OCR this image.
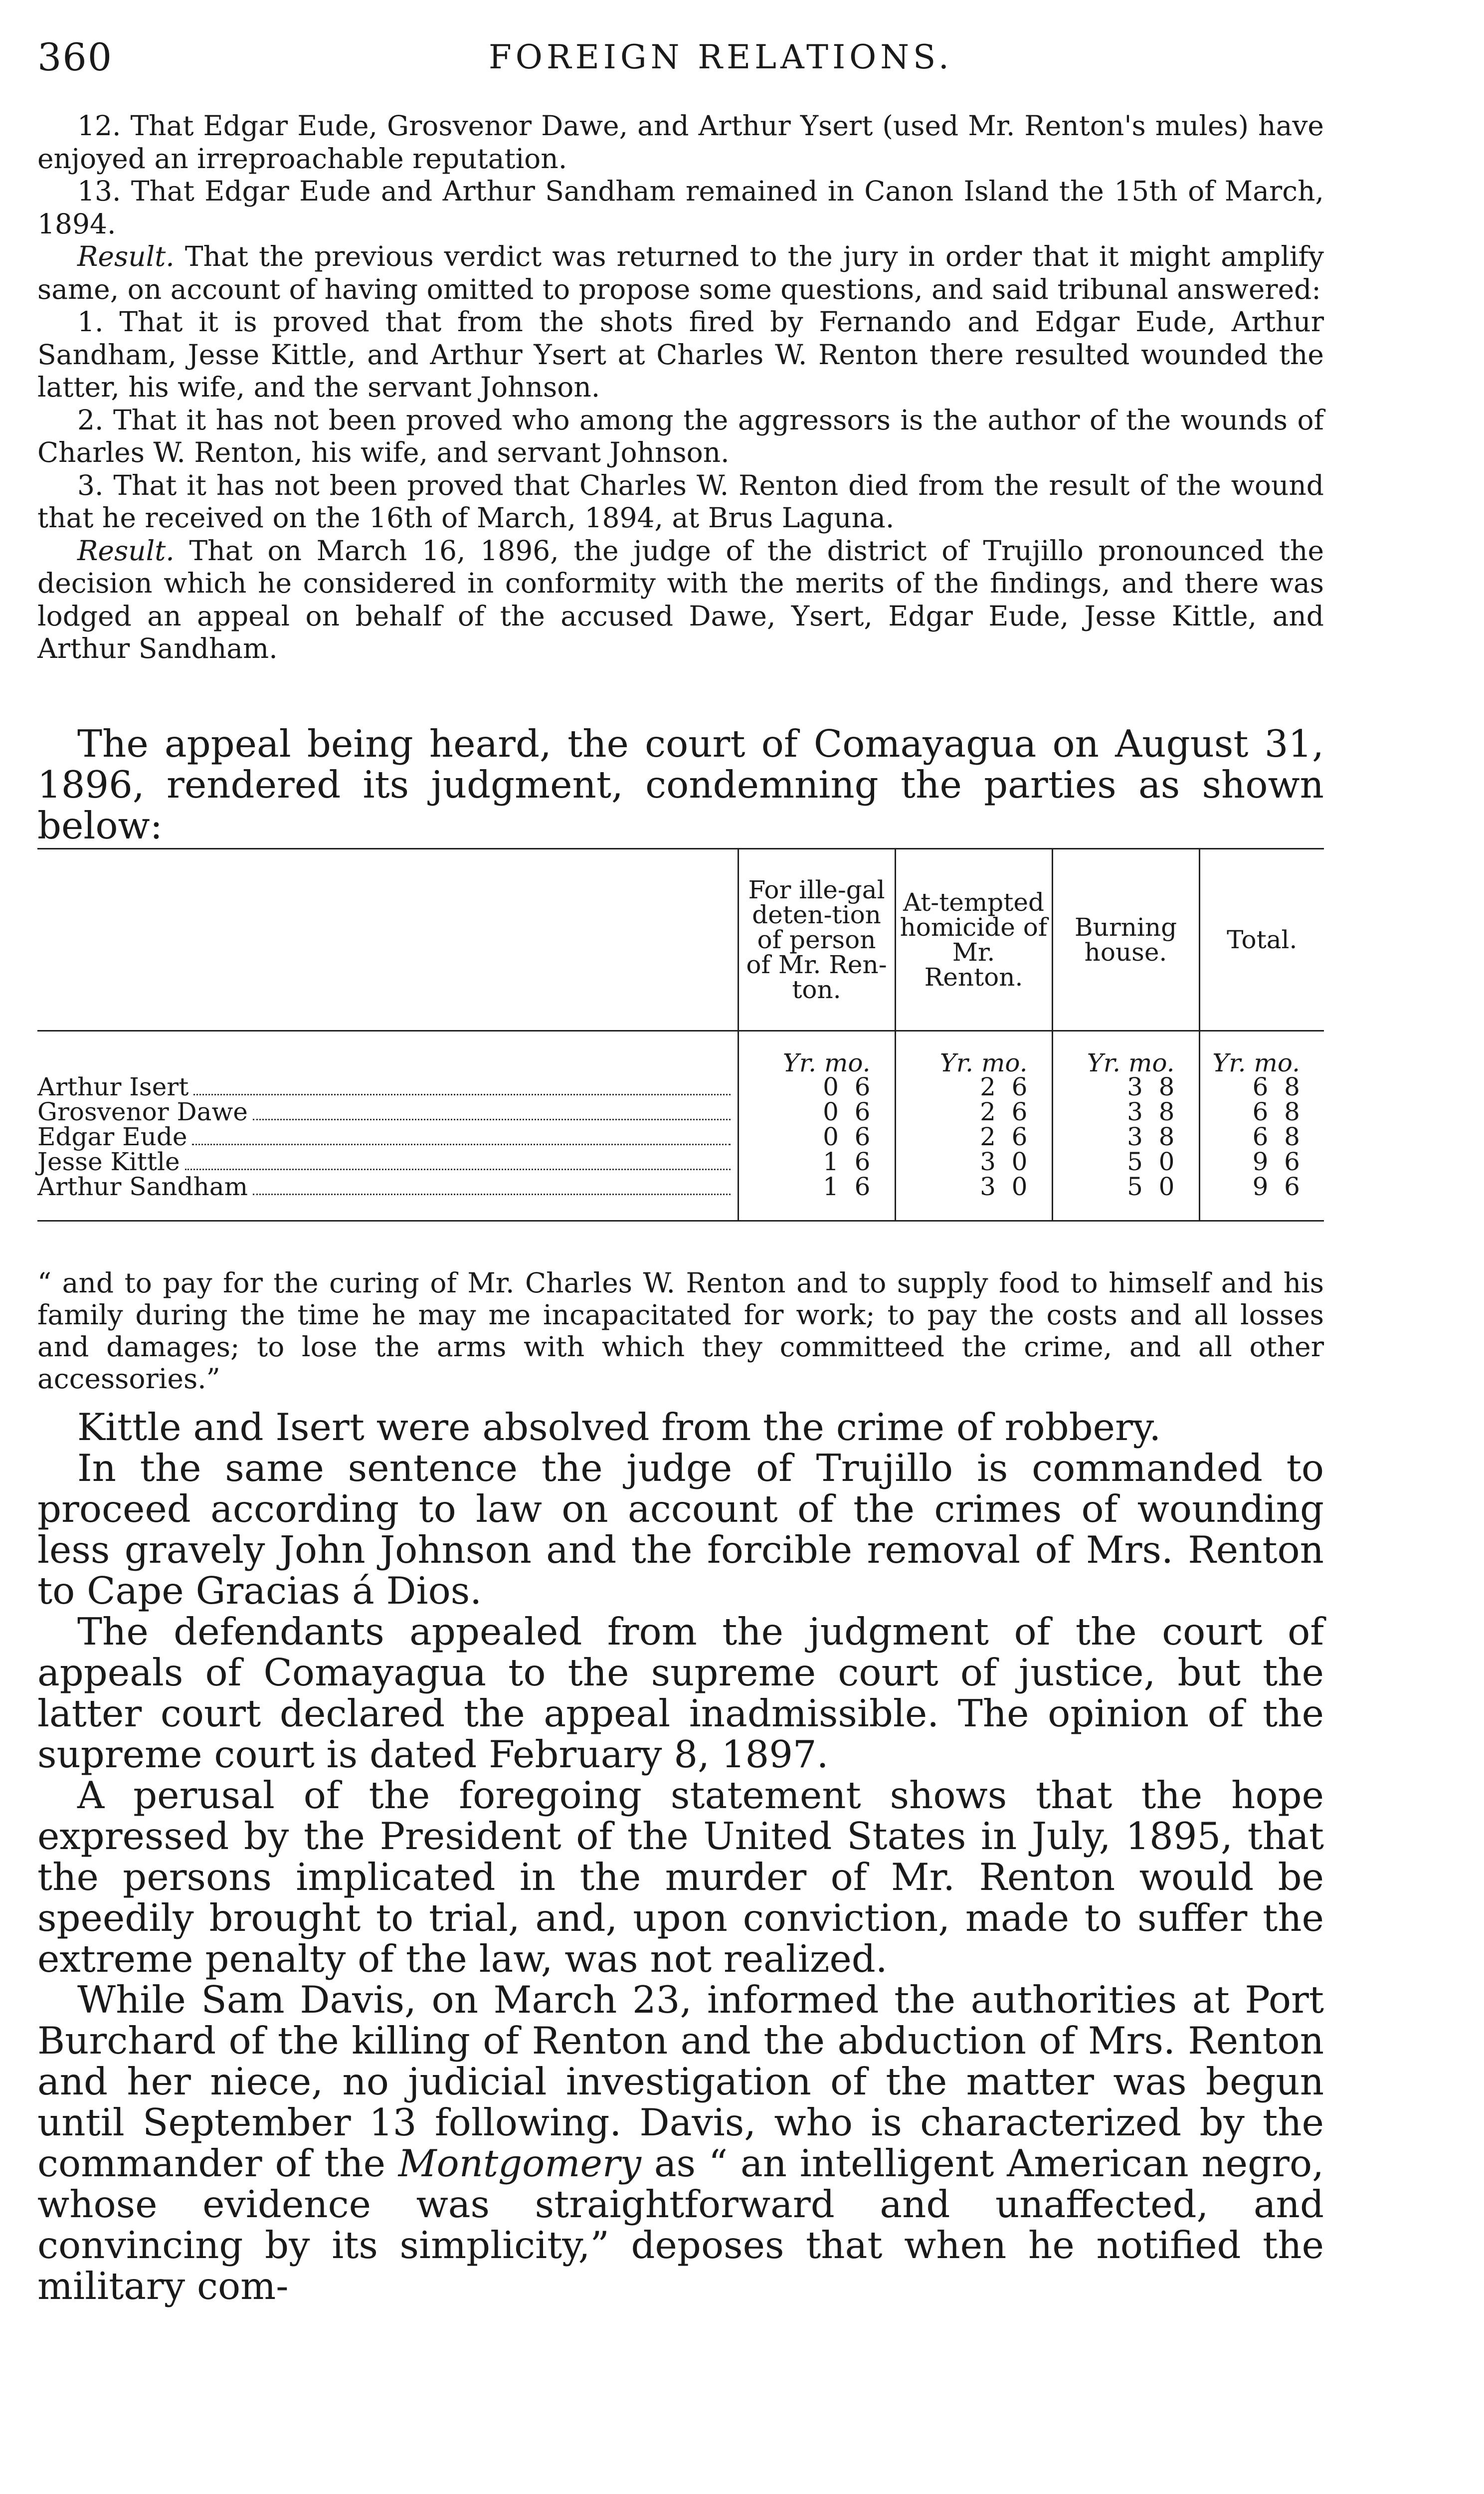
360	FOREIGN RELATIONS.

12. That Edgar Eude, Grosvenor Dawe, and Arthur Ysert (used Mr. Renton's mules) have enjoyed an irreproachable reputation.

13. That Edgar Eude and Arthur Sandham remained in Canon Island the 15th of March, 1894.

Result. That the previous verdict was returned to the jury in order that it might amplify same, on account of having omitted to propose some questions, and said tribunal answered:

1. That it is proved that from the shots fired by Fernando and Edgar Eude, Arthur Sandham, Jesse Kittle, and Arthur Ysert at Charles W. Renton there resulted wounded the latter, his wife, and the servant Johnson.

2. That it has not been proved who among the aggressors is the author of the wounds of Charles W. Renton, his wife, and servant Johnson.

3. That it has not been proved that Charles W. Renton died from the result of the wound that he received on the 16th of March, 1894, at Brus Laguna.

Result. That on March 16, 1896, the judge of the district of Trujillo pronounced the decision which he considered in conformity with the merits of the findings, and there was lodged an appeal on behalf of the accused Dawe, Ysert, Edgar Eude, Jesse Kittle, and Arthur Sandham.

The appeal being heard, the court of Comayagua on August 31, 1896, rendered its judgment, condemning the parties as shown below:

	For ille-gal deten-tion of person of Mr. Ren-ton.	At-tempted homicide of Mr. Renton.	Burning house.	Total.
	Yr. mo.	Yr. mo.	Yr. mo.	Yr. mo.

Arthur Isert	0  6	2  6	3  8	6  8

Grosvenor Dawe	0  6	2  6	3  8	6  8

Edgar Eude	0  6	2  6	3  8	6  8

Jesse Kittle	1  6	3  0	5  0	9  6

Arthur Sandham	1  6	3  0	5  0	9  6

“ and to pay for the curing of Mr. Charles W. Renton and to supply food to himself and his family during the time he may me incapacitated for work; to pay the costs and all losses and damages; to lose the arms with which they committeed the crime, and all other accessories.”

Kittle and Isert were absolved from the crime of robbery.

In the same sentence the judge of Trujillo is commanded to proceed according to law on account of the crimes of wounding less gravely John Johnson and the forcible removal of Mrs. Renton to Cape Gracias á Dios.

The defendants appealed from the judgment of the court of appeals of Comayagua to the supreme court of justice, but the latter court declared the appeal inadmissible. The opinion of the supreme court is dated February 8, 1897.

A perusal of the foregoing statement shows that the hope expressed by the President of the United States in July, 1895, that the persons implicated in the murder of Mr. Renton would be speedily brought to trial, and, upon conviction, made to suffer the extreme penalty of the law, was not realized.

While Sam Davis, on March 23, informed the authorities at Port Burchard of the killing of Renton and the abduction of Mrs. Renton and her niece, no judicial investigation of the matter was begun until September 13 following. Davis, who is characterized by the commander of the Montgomery as “ an intelligent American negro, whose evidence was straightforward and unaffected, and convincing by its simplicity,” deposes that when he notified the military com-
